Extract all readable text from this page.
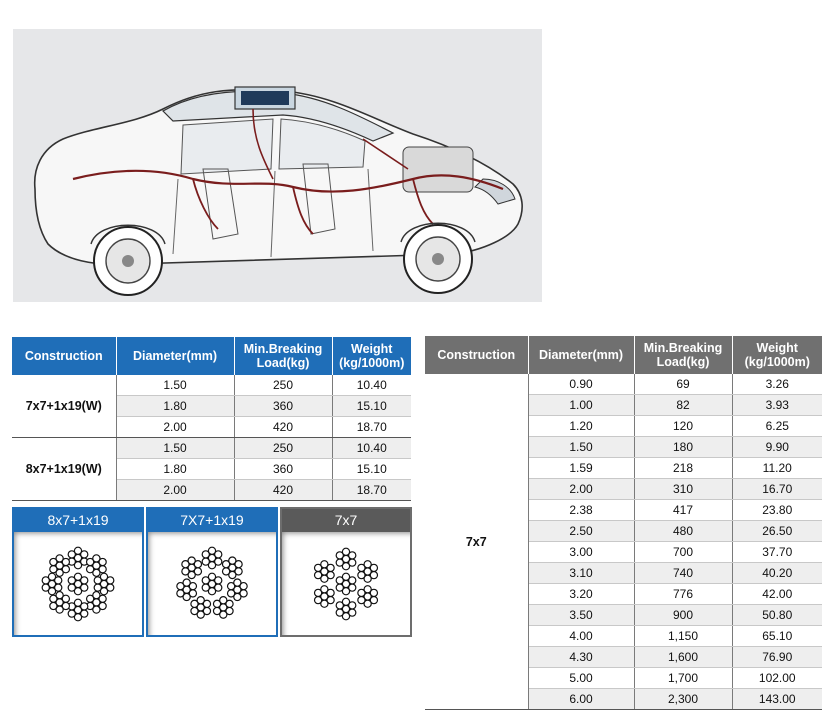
Construction	Diameter(mm)	Min.Breaking Load(kg)	Weight (kg/1000m)
7x7+1x19(W)	1.50	250	10.40
	1.80	360	15.10
	2.00	420	18.70
8x7+1x19(W)	1.50	250	10.40
	1.80	360	15.10
	2.00	420	18.70
8x7+1x19	7X7+1x19	7x7
Construction	Diameter(mm)	Min.Breaking Load(kg)	Weight (kg/1000m)
7x7	0.90	69	3.26
	1.00	82	3.93
	1.20	120	6.25
	1.50	180	9.90
	1.59	218	11.20
	2.00	310	16.70
	2.38	417	23.80
	2.50	480	26.50
	3.00	700	37.70
	3.10	740	40.20
	3.20	776	42.00
	3.50	900	50.80
	4.00	1,150	65.10
	4.30	1,600	76.90
	5.00	1,700	102.00
	6.00	2,300	143.00
